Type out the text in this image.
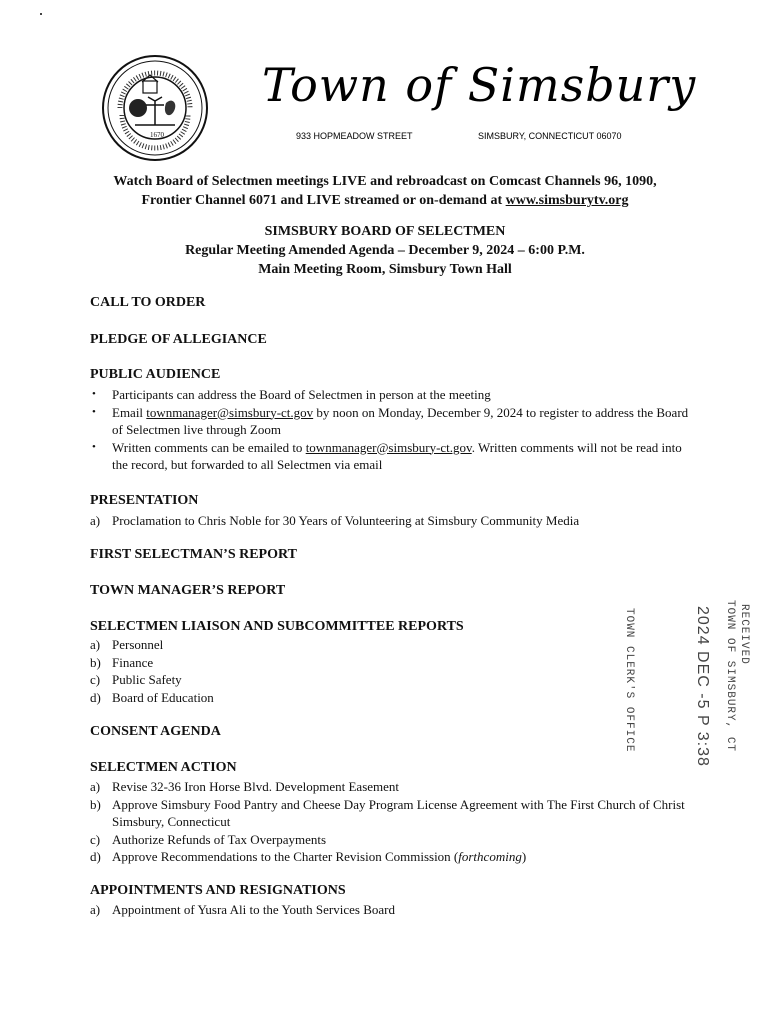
1670
Town of Simsbury
933 HOPMEADOW STREET	SIMSBURY, CONNECTICUT 06070
Watch Board of Selectmen meetings LIVE and rebroadcast on Comcast Channels 96, 1090,
Frontier Channel 6071 and LIVE streamed or on-demand at www.simsburytv.org
SIMSBURY BOARD OF SELECTMEN
Regular Meeting Amended Agenda – December 9, 2024 – 6:00 P.M.
Main Meeting Room, Simsbury Town Hall
CALL TO ORDER
PLEDGE OF ALLEGIANCE
PUBLIC AUDIENCE
• Participants can address the Board of Selectmen in person at the meeting
• Email townmanager@simsbury-ct.gov by noon on Monday, December 9, 2024 to register to address the Board of Selectmen live through Zoom
• Written comments can be emailed to townmanager@simsbury-ct.gov. Written comments will not be read into the record, but forwarded to all Selectmen via email
PRESENTATION
a) Proclamation to Chris Noble for 30 Years of Volunteering at Simsbury Community Media
FIRST SELECTMAN’S REPORT
TOWN MANAGER’S REPORT
SELECTMEN LIAISON AND SUBCOMMITTEE REPORTS
a) Personnel
b) Finance
c) Public Safety
d) Board of Education
CONSENT AGENDA
SELECTMEN ACTION
a) Revise 32-36 Iron Horse Blvd. Development Easement
b) Approve Simsbury Food Pantry and Cheese Day Program License Agreement with The First Church of Christ Simsbury, Connecticut
c) Authorize Refunds of Tax Overpayments
d) Approve Recommendations to the Charter Revision Commission (forthcoming)
APPOINTMENTS AND RESIGNATIONS
a) Appointment of Yusra Ali to the Youth Services Board
TOWN CLERK'S OFFICE	2024 DEC -5 P 3:38 RECEIVED
TOWN OF SIMSBURY, CT
